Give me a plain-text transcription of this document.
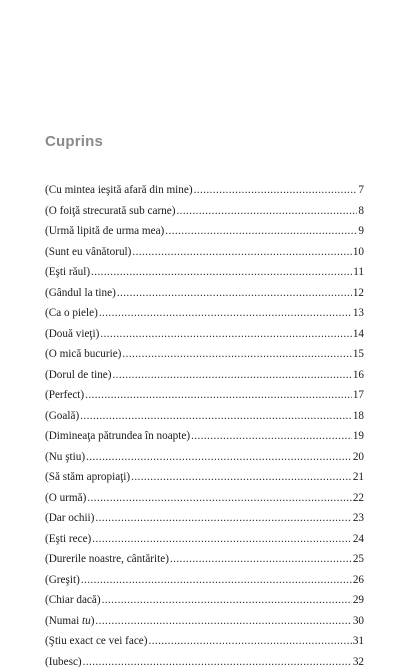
Cuprins
(Cu mintea ieşită afară din mine) .....	7
(O foiţă strecurată sub carne) .....	8
(Urmă lipită de urma mea) .....	9
(Sunt eu vânătorul) .....	10
(Eşti răul) .....	11
(Gândul la tine) .....	12
(Ca o piele) .....	13
(Două vieţi) .....	14
(O mică bucurie) .....	15
(Dorul de tine) .....	16
(Perfect) .....	17
(Goală) .....	18
(Dimineaţa pătrundea în noapte) .....	19
(Nu ştiu) .....	20
(Să stăm apropiaţi) .....	21
(O urmă) .....	22
(Dar ochii) .....	23
(Eşti rece) .....	24
(Durerile noastre, cântărite) .....	25
(Greşit) .....	26
(Chiar dacă) .....	29
(Numai tu) .....	30
(Ştiu exact ce vei face) .....	31
(Iubesc) .....	32
